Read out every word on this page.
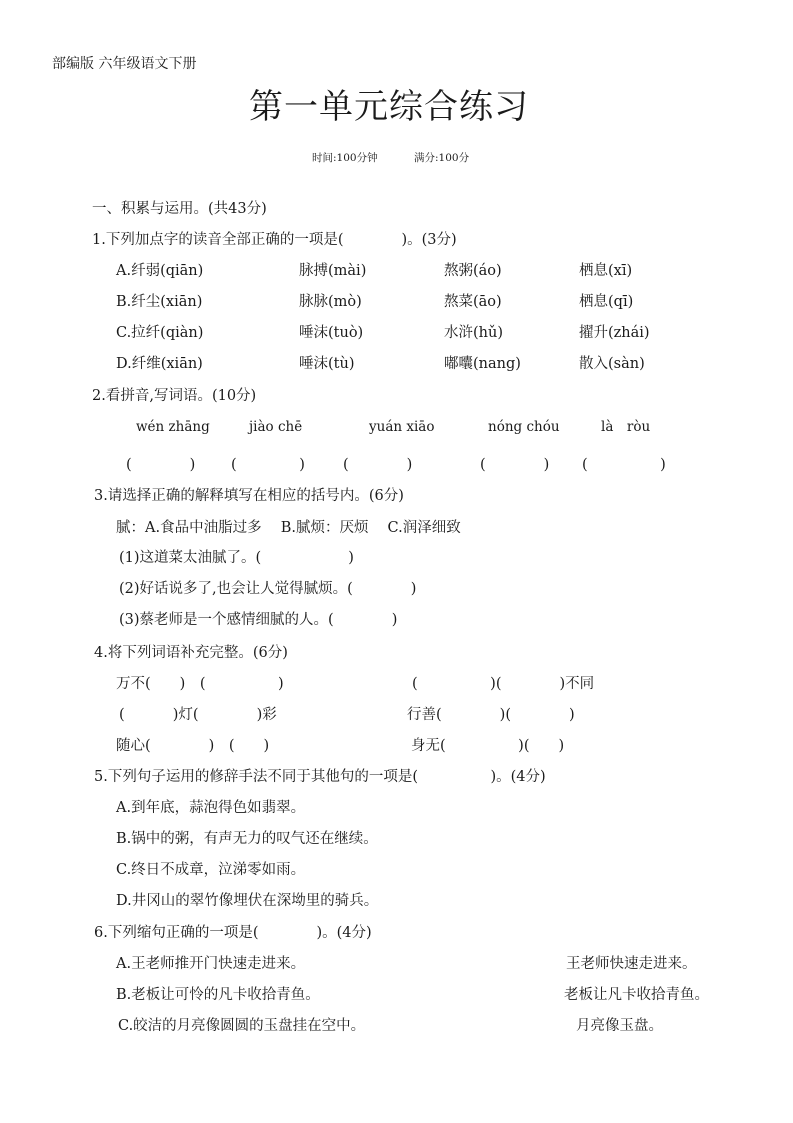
部编版 六年级语文下册
第一单元综合练习
时间:100分钟	满分:100分
一、积累与运用。(共43分)
1.下列加点字的读音全部正确的一项是(　　　　)。(3分)
A.纤弱(qiān)	脉搏(mài)	熬粥(áo)	栖息(xī)
B.纤尘(xiān)	脉脉(mò)	熬菜(āo)	栖息(qī)
C.拉纤(qiàn)	唾沫(tuò)	水浒(hǔ)	擢升(zhái)
D.纤维(xiān)	唾沫(tù)	嘟囔(nang)	散入(sàn)
2.看拼音,写词语。(10分)
wén zhāng	jiào chē	yuán xiāo	nóng chóu	là　ròu
(　　　　) (　　　　 )	(　　　　)	(　　　　) (　　　　　)
3.请选择正确的解释填写在相应的括号内。(6分)
腻：A.食品中油脂过多　 B.腻烦：厌烦　 C.润泽细致
(1)这道菜太油腻了。(　　　　　　)
(2)好话说多了,也会让人觉得腻烦。(　　　　)
(3)蔡老师是一个感情细腻的人。(　　　　)
4.将下列词语补充完整。(6分)
万不(　　)　(　　　　　)	(　　　　　)(　　　　)不同
(　　　 )灯(　　　　)彩	行善(　　　　)(　　　　)
随心(　　　　)　(　　)	身无(　　　　　)(　　)
5.下列句子运用的修辞手法不同于其他句的一项是(　　　　　)。(4分)
A.到年底，蒜泡得色如翡翠。
B.锅中的粥，有声无力的叹气还在继续。
C.终日不成章，泣涕零如雨。
D.井冈山的翠竹像埋伏在深坳里的骑兵。
6.下列缩句正确的一项是(　　　　)。(4分)
A.王老师推开门快速走进来。	王老师快速走进来。
B.老板让可怜的凡卡收拾青鱼。	老板让凡卡收拾青鱼。
C.皎洁的月亮像圆圆的玉盘挂在空中。	月亮像玉盘。
